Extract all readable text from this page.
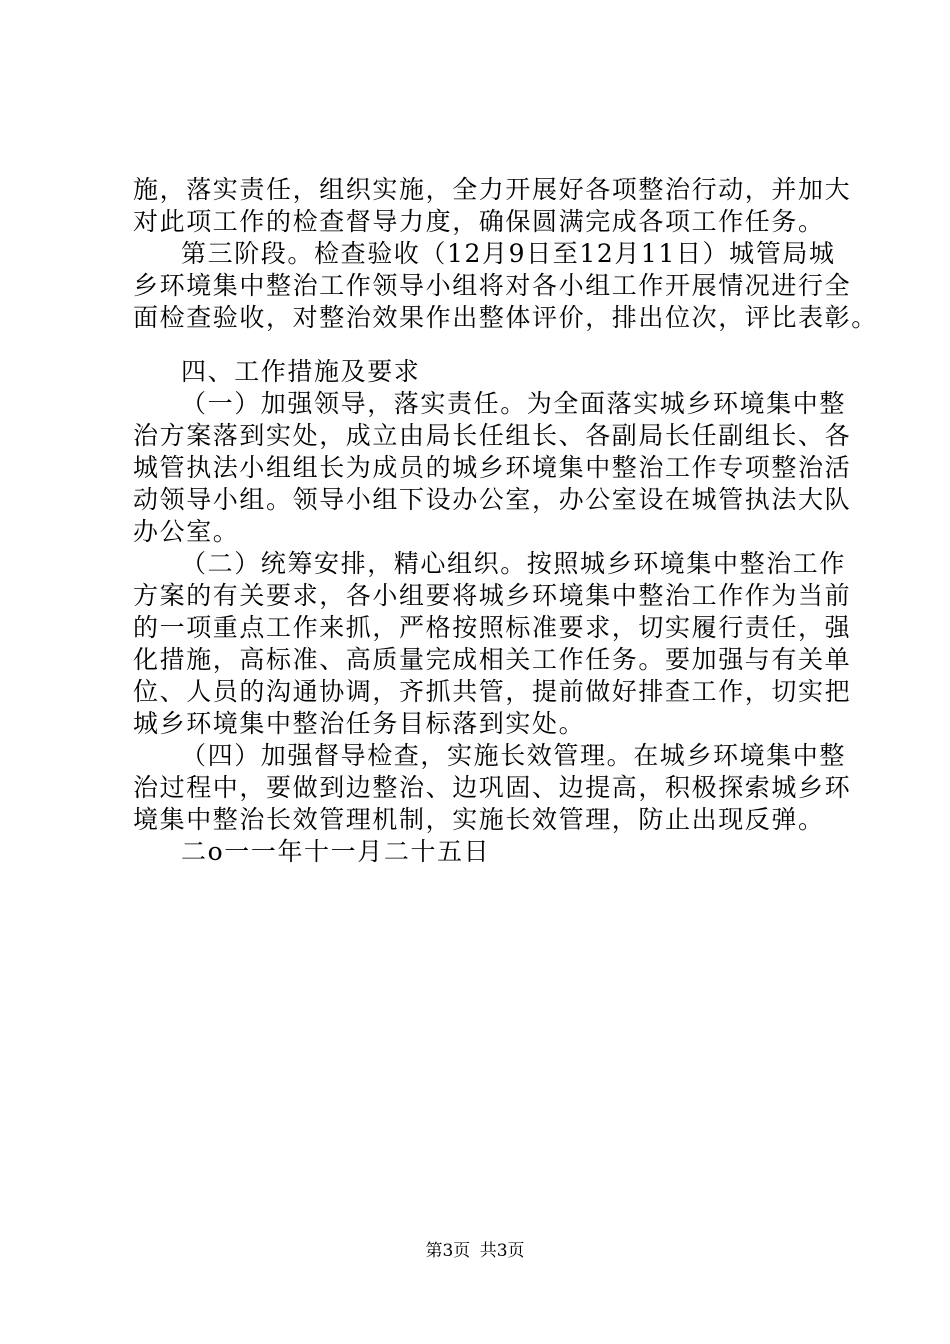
施，落实责任，组织实施，全力开展好各项整治行动，并加大
对此项工作的检查督导力度，确保圆满完成各项工作任务。
第三阶段。检查验收（12月9日至12月11日）城管局城
乡环境集中整治工作领导小组将对各小组工作开展情况进行全
面检查验收，对整治效果作出整体评价，排出位次，评比表彰。
四、工作措施及要求
（一）加强领导，落实责任。为全面落实城乡环境集中整
治方案落到实处，成立由局长任组长、各副局长任副组长、各
城管执法小组组长为成员的城乡环境集中整治工作专项整治活
动领导小组。领导小组下设办公室，办公室设在城管执法大队
办公室。
（二）统筹安排，精心组织。按照城乡环境集中整治工作
方案的有关要求，各小组要将城乡环境集中整治工作作为当前
的一项重点工作来抓，严格按照标准要求，切实履行责任，强
化措施，高标准、高质量完成相关工作任务。要加强与有关单
位、人员的沟通协调，齐抓共管，提前做好排查工作，切实把
城乡环境集中整治任务目标落到实处。
（四）加强督导检查，实施长效管理。在城乡环境集中整
治过程中，要做到边整治、边巩固、边提高，积极探索城乡环
境集中整治长效管理机制，实施长效管理，防止出现反弹。
二o一一年十一月二十五日
第3页 共3页
